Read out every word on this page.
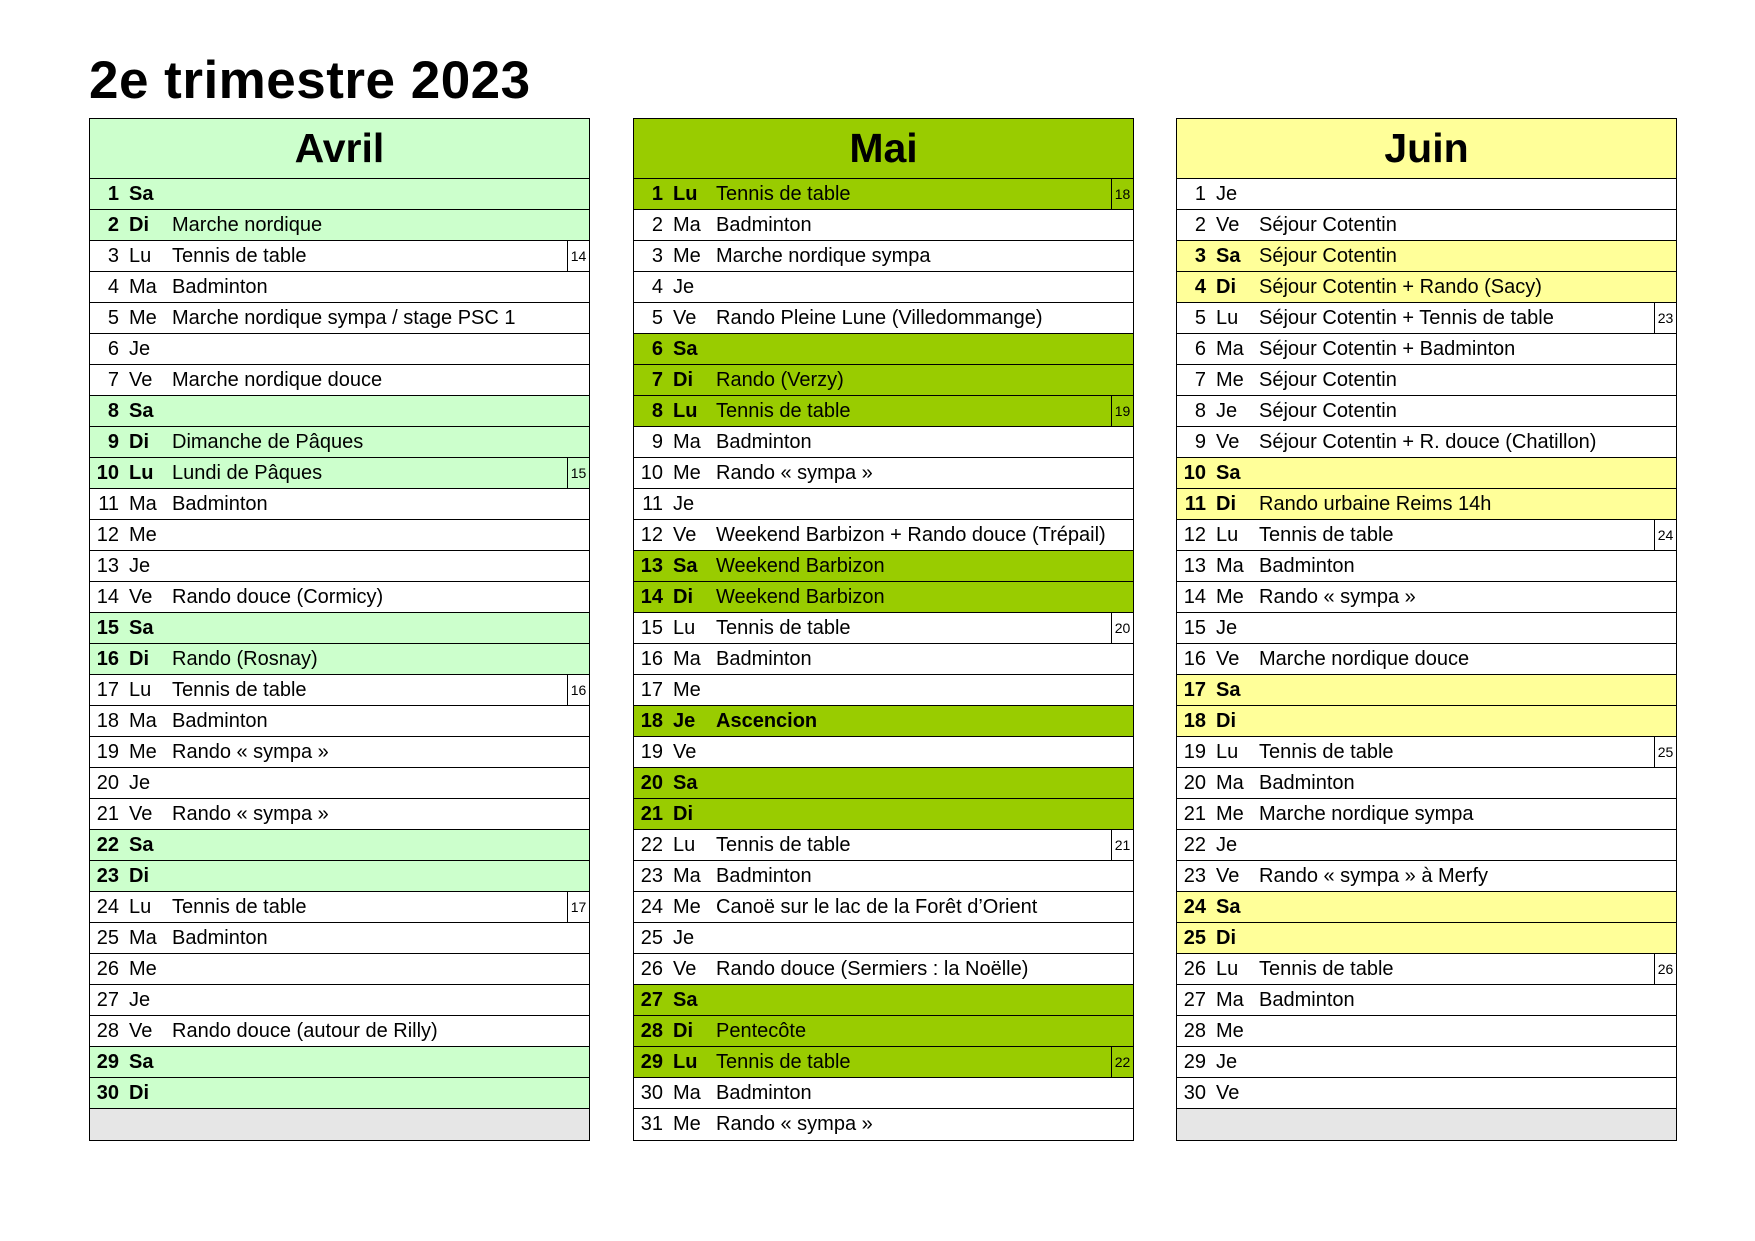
2e trimestre 2023
Avril
1 Sa
2 Di Marche nordique
3 Lu Tennis de table	14
4 Ma Badminton
5 Me Marche nordique sympa / stage PSC 1
6 Je
7 Ve Marche nordique douce
8 Sa
9 Di Dimanche de Pâques
10 Lu Lundi de Pâques	15
11 Ma Badminton
12 Me
13 Je
14 Ve Rando douce (Cormicy)
15 Sa
16 Di Rando (Rosnay)
17 Lu Tennis de table	16
18 Ma Badminton
19 Me Rando « sympa »
20 Je
21 Ve Rando « sympa »
22 Sa
23 Di
24 Lu Tennis de table	17
25 Ma Badminton
26 Me
27 Je
28 Ve Rando douce (autour de Rilly)
29 Sa
30 Di
Mai
1 Lu Tennis de table	18
2 Ma Badminton
3 Me Marche nordique sympa
4 Je
5 Ve Rando Pleine Lune (Villedommange)
6 Sa
7 Di Rando (Verzy)
8 Lu Tennis de table	19
9 Ma Badminton
10 Me Rando « sympa »
11 Je
12 Ve Weekend Barbizon + Rando douce (Trépail)
13 Sa Weekend Barbizon
14 Di Weekend Barbizon
15 Lu Tennis de table	20
16 Ma Badminton
17 Me
18 Je Ascencion
19 Ve
20 Sa
21 Di
22 Lu Tennis de table	21
23 Ma Badminton
24 Me Canoë sur le lac de la Forêt d’Orient
25 Je
26 Ve Rando douce (Sermiers : la Noëlle)
27 Sa
28 Di Pentecôte
29 Lu Tennis de table	22
30 Ma Badminton
31 Me Rando « sympa »
Juin
1 Je
2 Ve Séjour Cotentin
3 Sa Séjour Cotentin
4 Di Séjour Cotentin + Rando (Sacy)
5 Lu Séjour Cotentin + Tennis de table	23
6 Ma Séjour Cotentin + Badminton
7 Me Séjour Cotentin
8 Je Séjour Cotentin
9 Ve Séjour Cotentin + R. douce (Chatillon)
10 Sa
11 Di Rando urbaine Reims 14h
12 Lu Tennis de table	24
13 Ma Badminton
14 Me Rando « sympa »
15 Je
16 Ve Marche nordique douce
17 Sa
18 Di
19 Lu Tennis de table	25
20 Ma Badminton
21 Me Marche nordique sympa
22 Je
23 Ve Rando « sympa » à Merfy
24 Sa
25 Di
26 Lu Tennis de table	26
27 Ma Badminton
28 Me
29 Je
30 Ve
